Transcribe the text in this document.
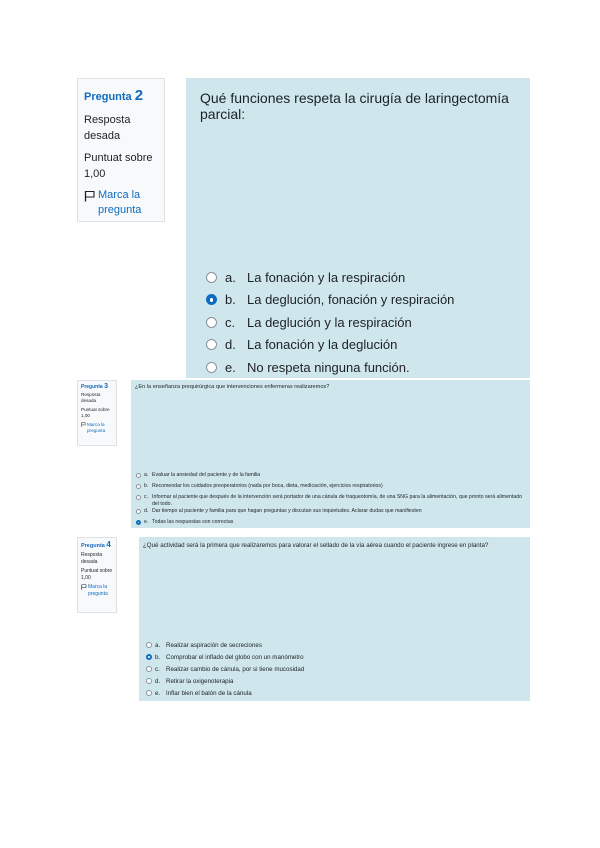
Pregunta 2
Resposta desada
Puntuat sobre 1,00
Marca la pregunta
Qué funciones respeta la cirugía de laringectomía parcial:
a. La fonación y la respiración
b. La deglución, fonación y respiración
c. La deglución y la respiración
d. La fonación y la deglución
e. No respeta ninguna función.
Pregunta 3
Resposta desada
Puntuat sobre 1,00
Marca la pregunta
¿En la enseñanza prequirúrgica que intervenciones enfermeras realizaremos?
a. Evaluar la ansiedad del paciente y de la familia
b. Recomendar los cuidados preoperatorios (nada por boca, dieta, medicación, ejercicios respiratorios)
c. Informar al paciente que después de la intervención será portador de una cánula de traqueotomía, de una SNG para la alimentación, que pronto será alimentado del todo.
d. Dar tiempo al paciente y familia para que hagan preguntas y discutan sus inquietudes. Aclarar dudas que manifiesten
e. Todas las respuestas son correctas
Pregunta 4
Resposta desada
Puntuat sobre 1,00
Marca la pregunta
¿Qué actividad será la primera que realizaremos para valorar el sellado de la vía aérea cuando el paciente ingrese en planta?
a. Realizar aspiración de secreciones
b. Comprobar el inflado del globo con un manómetro
c. Realizar cambio de cánula, por si tiene mucosidad
d. Retirar la oxigenoterapia
e. Inflar bien el balón de la cánula
